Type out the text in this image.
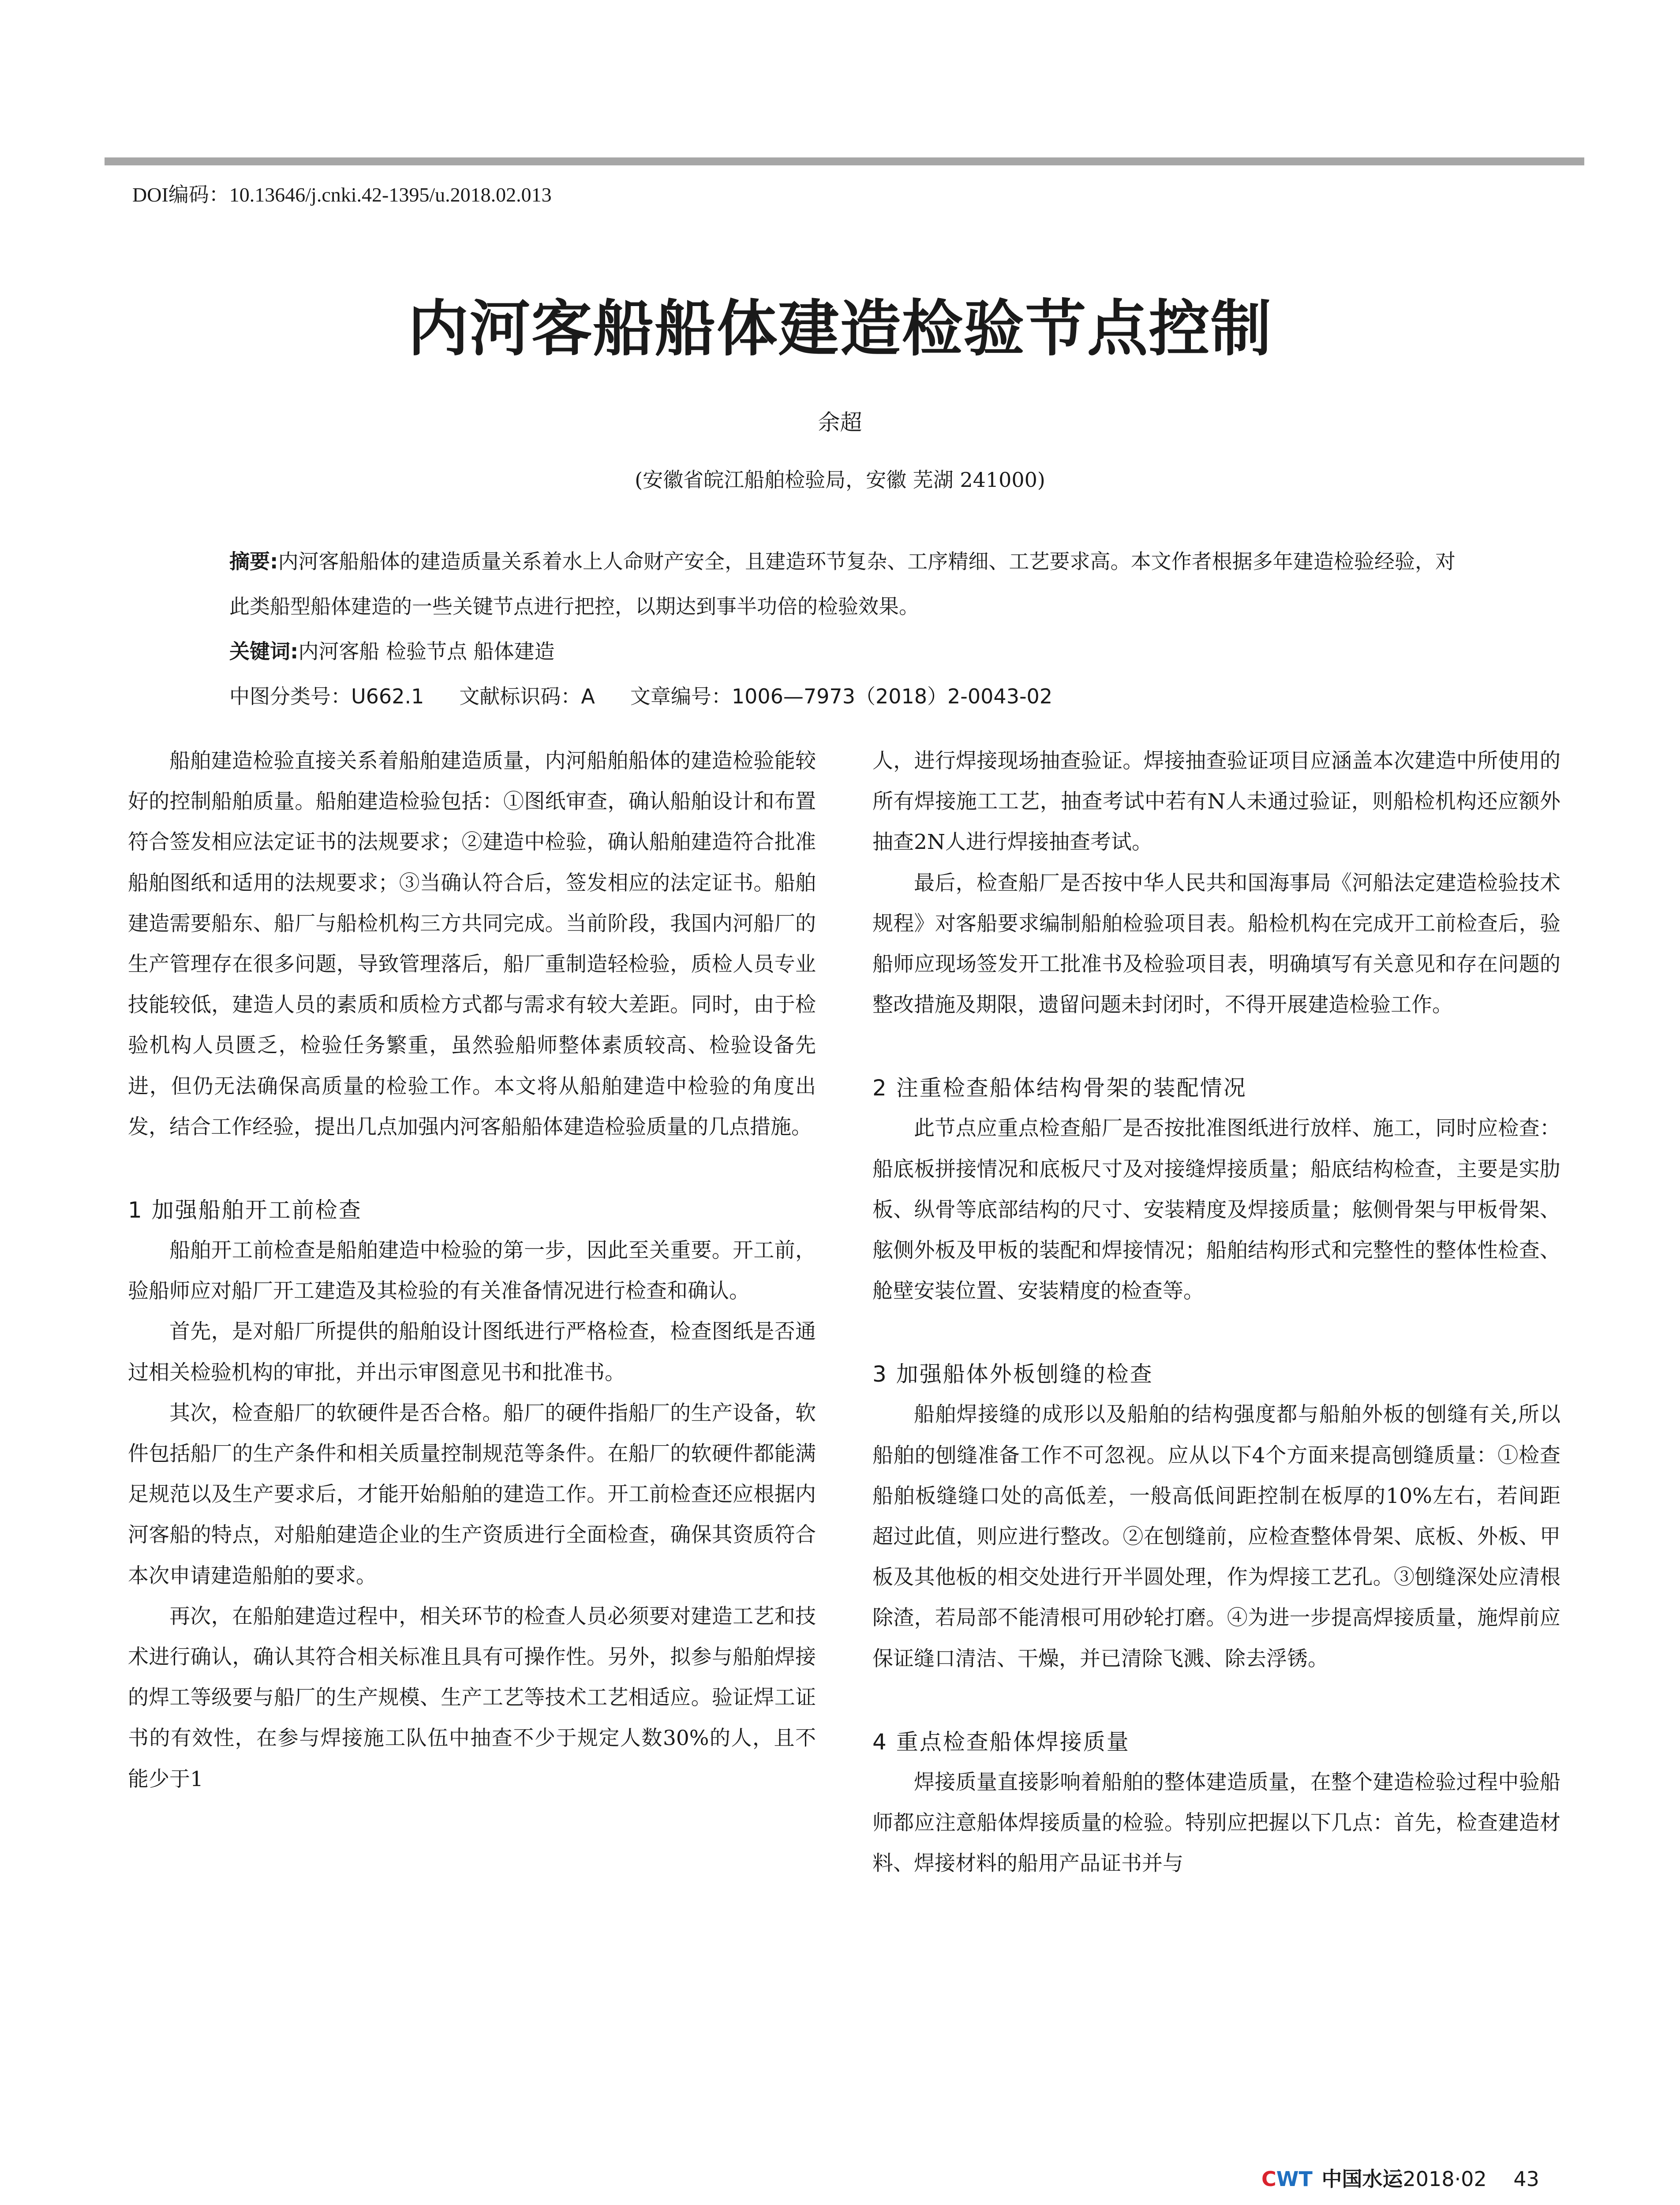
DOI编码：10.13646/j.cnki.42-1395/u.2018.02.013
内河客船船体建造检验节点控制
余超
(安徽省皖江船舶检验局，安徽 芜湖 241000)
摘要:内河客船船体的建造质量关系着水上人命财产安全，且建造环节复杂、工序精细、工艺要求高。本文作者根据多年建造检验经验，对此类船型船体建造的一些关键节点进行把控，以期达到事半功倍的检验效果。
关键词:内河客船 检验节点 船体建造
中图分类号：U662.1 文献标识码：A 文章编号：1006—7973（2018）2-0043-02

船舶建造检验直接关系着船舶建造质量，内河船舶船体的建造检验能较好的控制船舶质量。船舶建造检验包括：①图纸审查，确认船舶设计和布置符合签发相应法定证书的法规要求；②建造中检验，确认船舶建造符合批准船舶图纸和适用的法规要求；③当确认符合后，签发相应的法定证书。船舶建造需要船东、船厂与船检机构三方共同完成。当前阶段，我国内河船厂的生产管理存在很多问题，导致管理落后，船厂重制造轻检验，质检人员专业技能较低，建造人员的素质和质检方式都与需求有较大差距。同时，由于检验机构人员匮乏，检验任务繁重，虽然验船师整体素质较高、检验设备先进，但仍无法确保高质量的检验工作。本文将从船舶建造中检验的角度出发，结合工作经验，提出几点加强内河客船船体建造检验质量的几点措施。

1 加强船舶开工前检查

船舶开工前检查是船舶建造中检验的第一步，因此至关重要。开工前，验船师应对船厂开工建造及其检验的有关准备情况进行检查和确认。

首先，是对船厂所提供的船舶设计图纸进行严格检查，检查图纸是否通过相关检验机构的审批，并出示审图意见书和批准书。

其次，检查船厂的软硬件是否合格。船厂的硬件指船厂的生产设备，软件包括船厂的生产条件和相关质量控制规范等条件。在船厂的软硬件都能满足规范以及生产要求后，才能开始船舶的建造工作。开工前检查还应根据内河客船的特点，对船舶建造企业的生产资质进行全面检查，确保其资质符合本次申请建造船舶的要求。

再次，在船舶建造过程中，相关环节的检查人员必须要对建造工艺和技术进行确认，确认其符合相关标准且具有可操作性。另外，拟参与船舶焊接的焊工等级要与船厂的生产规模、生产工艺等技术工艺相适应。验证焊工证书的有效性，在参与焊接施工队伍中抽查不少于规定人数30%的人，且不能少于1

人，进行焊接现场抽查验证。焊接抽查验证项目应涵盖本次建造中所使用的所有焊接施工工艺，抽查考试中若有N人未通过验证，则船检机构还应额外抽查2N人进行焊接抽查考试。

最后，检查船厂是否按中华人民共和国海事局《河船法定建造检验技术规程》对客船要求编制船舶检验项目表。船检机构在完成开工前检查后，验船师应现场签发开工批准书及检验项目表，明确填写有关意见和存在问题的整改措施及期限，遗留问题未封闭时，不得开展建造检验工作。

2 注重检查船体结构骨架的装配情况

此节点应重点检查船厂是否按批准图纸进行放样、施工，同时应检查：船底板拼接情况和底板尺寸及对接缝焊接质量；船底结构检查，主要是实肋板、纵骨等底部结构的尺寸、安装精度及焊接质量；舷侧骨架与甲板骨架、舷侧外板及甲板的装配和焊接情况；船舶结构形式和完整性的整体性检查、舱壁安装位置、安装精度的检查等。

3 加强船体外板刨缝的检查

船舶焊接缝的成形以及船舶的结构强度都与船舶外板的刨缝有关,所以船舶的刨缝准备工作不可忽视。应从以下4个方面来提高刨缝质量：①检查船舶板缝缝口处的高低差，一般高低间距控制在板厚的10%左右，若间距超过此值，则应进行整改。②在刨缝前，应检查整体骨架、底板、外板、甲板及其他板的相交处进行开半圆处理，作为焊接工艺孔。③刨缝深处应清根除渣，若局部不能清根可用砂轮打磨。④为进一步提高焊接质量，施焊前应保证缝口清洁、干燥，并已清除飞溅、除去浮锈。

4 重点检查船体焊接质量

焊接质量直接影响着船舶的整体建造质量，在整个建造检验过程中验船师都应注意船体焊接质量的检验。特别应把握以下几点：首先，检查建造材料、焊接材料的船用产品证书并与

CWT 中国水运2018·02 43
